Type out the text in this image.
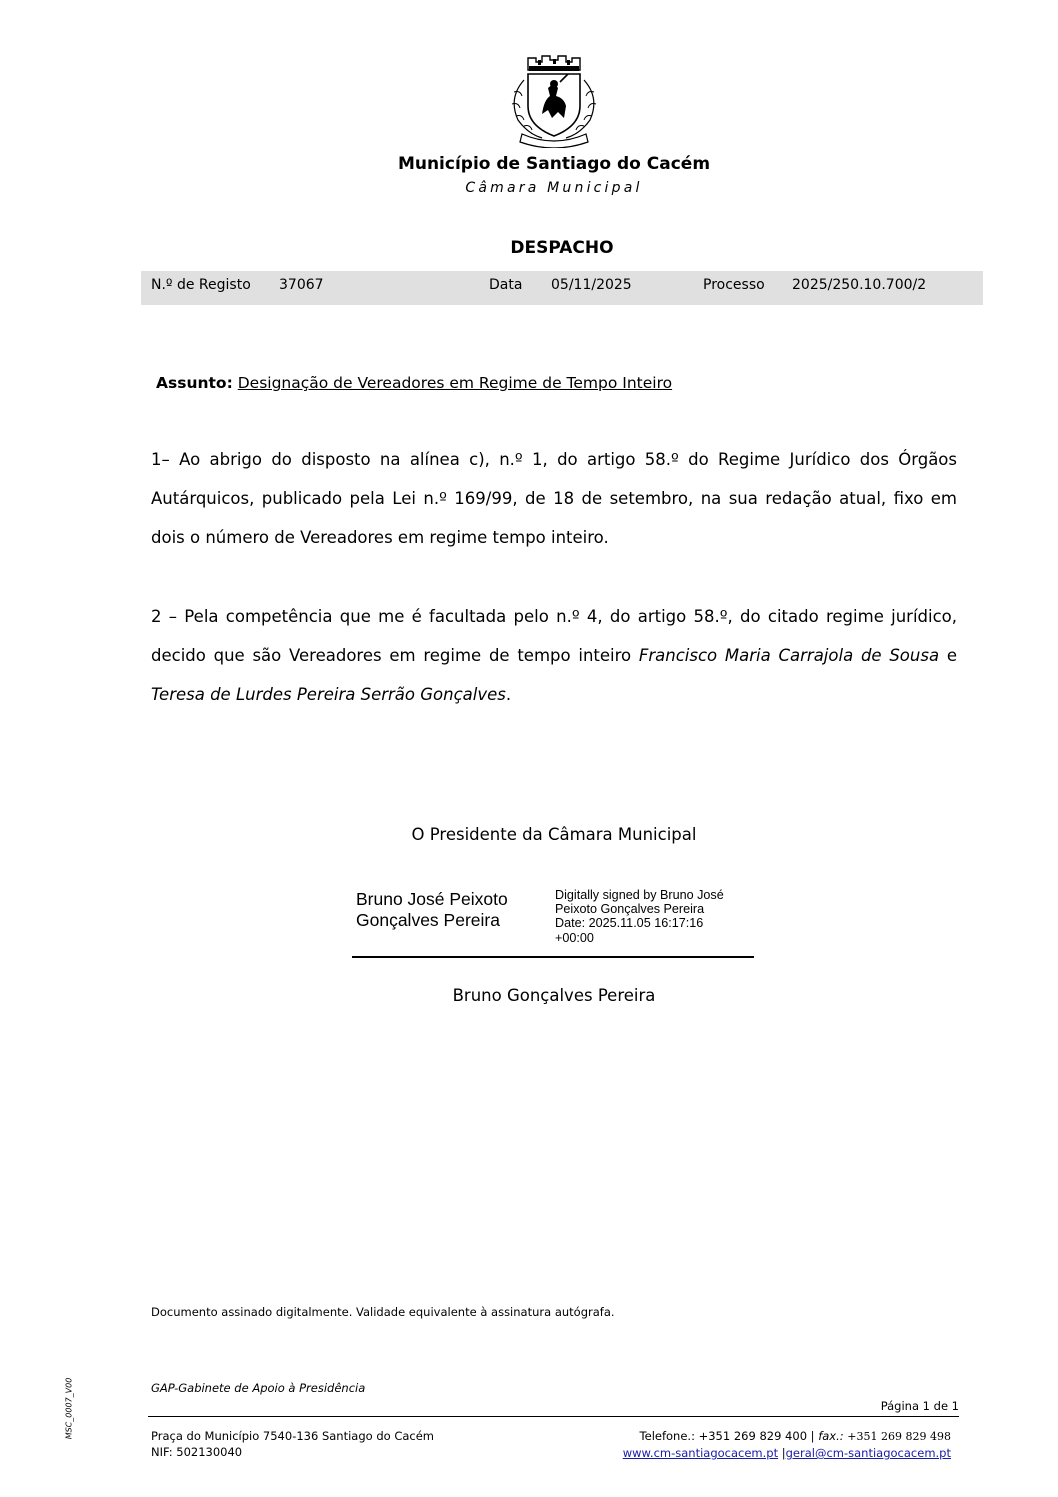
Município de Santiago do Cacém
Câmara Municipal
DESPACHO
N.º de Registo 37067	Data 05/11/2025	Processo 2025/250.10.700/2
Assunto: Designação de Vereadores em Regime de Tempo Inteiro
1– Ao abrigo do disposto na alínea c), n.º 1, do artigo 58.º do Regime Jurídico dos Órgãos Autárquicos, publicado pela Lei n.º 169/99, de 18 de setembro, na sua redação atual, fixo em dois o número de Vereadores em regime tempo inteiro.
2 – Pela competência que me é facultada pelo n.º 4, do artigo 58.º, do citado regime jurídico, decido que são Vereadores em regime de tempo inteiro Francisco Maria Carrajola de Sousa e Teresa de Lurdes Pereira Serrão Gonçalves.
O Presidente da Câmara Municipal
Bruno José Peixoto
Gonçalves Pereira
Digitally signed by Bruno José
Peixoto Gonçalves Pereira
Date: 2025.11.05 16:17:16
+00:00
Bruno Gonçalves Pereira
Documento assinado digitalmente. Validade equivalente à assinatura autógrafa.
MSC_0007_V00	GAP-Gabinete de Apoio à Presidência
Página 1 de 1
Praça do Município 7540-136 Santiago do Cacém
NIF: 502130040
Telefone.: +351 269 829 400 | fax.: +351 269 829 498
www.cm-santiagocacem.pt |geral@cm-santiagocacem.pt
